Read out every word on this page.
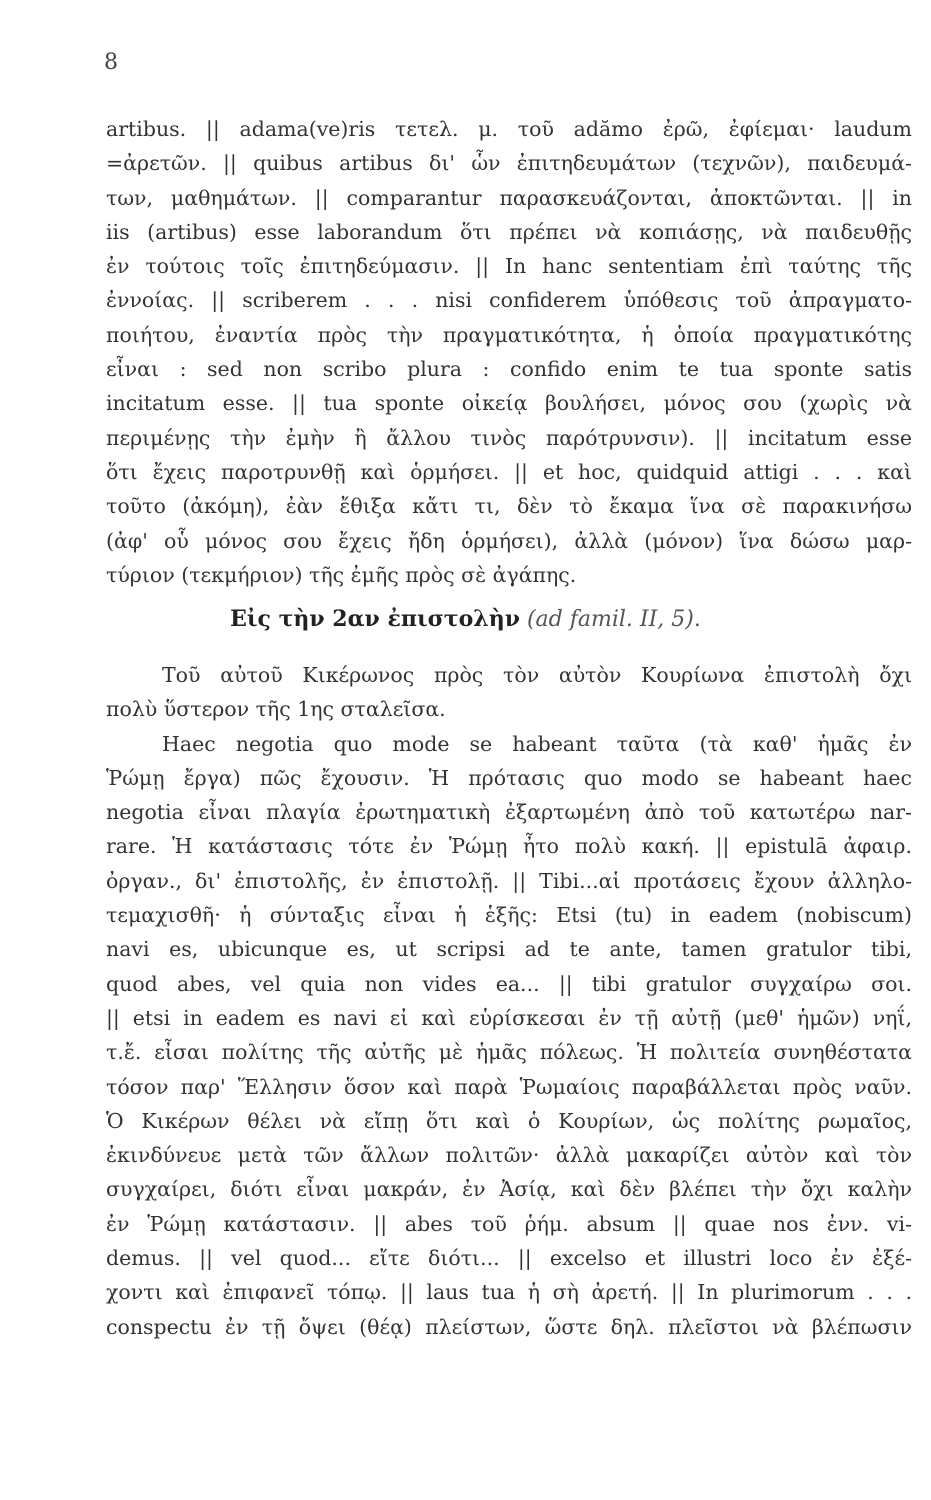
8
artibus. || adama(ve)ris τετελ. μ. τοῦ adămo ἐρῶ, ἐφίεμαι· laudum
=ἀρετῶν. || quibus artibus δι' ὧν ἐπιτηδευμάτων (τεχνῶν), παιδευμά-
των, μαθημάτων. || comparantur παρασκευάζονται, ἀποκτῶνται. || in
iis (artibus) esse laborandum ὅτι πρέπει νὰ κοπιάσῃς, νὰ παιδευθῇς
ἐν τούτοις τοῖς ἐπιτηδεύμασιν. || In hanc sententiam ἐπὶ ταύτης τῆς
ἐννοίας. || scriberem . . . nisi confiderem ὑπόθεσις τοῦ ἀπραγματο-
ποιήτου, ἐναντία πρὸς τὴν πραγματικότητα, ἡ ὁποία πραγματικότης
εἶναι : sed non scribo plura : confido enim te tua sponte satis
incitatum esse. || tua sponte οἰκείᾳ βουλήσει, μόνος σου (χωρὶς νὰ
περιμένῃς τὴν ἐμὴν ἢ ἄλλου τινὸς παρότρυνσιν). || incitatum esse
ὅτι ἔχεις παροτρυνθῇ καὶ ὁρμήσει. || et hoc, quidquid attigi . . . καὶ
τοῦτο (ἀκόμη), ἐὰν ἔθιξα κἄτι τι, δὲν τὸ ἔκαμα ἵνα σὲ παρακινήσω
(ἀφ' οὗ μόνος σου ἔχεις ἤδη ὁρμήσει), ἀλλὰ (μόνον) ἵνα δώσω μαρ-
τύριον (τεκμήριον) τῆς ἐμῆς πρὸς σὲ ἀγάπης.
Εἰς τὴν 2αν ἐπιστολὴν (ad famil. II, 5).
Τοῦ αὐτοῦ Κικέρωνος πρὸς τὸν αὐτὸν Κουρίωνα ἐπιστολὴ ὄχι
πολὺ ὕστερον τῆς 1ης σταλεῖσα.
Haec negotia quo mode se habeant ταῦτα (τὰ καθ' ἡμᾶς ἐν
Ῥώμῃ ἔργα) πῶς ἔχουσιν. Ἡ πρότασις quo modo se habeant haec
negotia εἶναι πλαγία ἐρωτηματικὴ ἐξαρτωμένη ἀπὸ τοῦ κατωτέρω nar-
rare. Ἡ κατάστασις τότε ἐν Ῥώμῃ ἦτο πολὺ κακή. || epistulā ἀφαιρ.
ὀργαν., δι' ἐπιστολῆς, ἐν ἐπιστολῇ. || Tibi...αἱ προτάσεις ἔχουν ἀλληλο-
τεμαχισθῆ· ἡ σύνταξις εἶναι ἡ ἑξῆς: Etsi (tu) in eadem (nobiscum)
navi es, ubicunque es, ut scripsi ad te ante, tamen gratulor tibi,
quod abes, vel quia non vides ea... || tibi gratulor συγχαίρω σοι.
|| etsi in eadem es navi εἰ καὶ εὑρίσκεσαι ἐν τῇ αὐτῇ (μεθ' ἡμῶν) νηΐ,
τ.ἔ. εἶσαι πολίτης τῆς αὐτῆς μὲ ἡμᾶς πόλεως. Ἡ πολιτεία συνηθέστατα
τόσον παρ' Ἕλλησιν ὅσον καὶ παρὰ Ῥωμαίοις παραβάλλεται πρὸς ναῦν.
Ὁ Κικέρων θέλει νὰ εἴπῃ ὅτι καὶ ὁ Κουρίων, ὡς πολίτης ρωμαῖος,
ἐκινδύνευε μετὰ τῶν ἄλλων πολιτῶν· ἀλλὰ μακαρίζει αὐτὸν καὶ τὸν
συγχαίρει, διότι εἶναι μακράν, ἐν Ἀσίᾳ, καὶ δὲν βλέπει τὴν ὄχι καλὴν
ἐν Ῥώμῃ κατάστασιν. || abes τοῦ ῥήμ. absum || quae nos ἐνν. vi-
demus. || vel quod... εἴτε διότι... || excelso et illustri loco ἐν ἐξέ-
χοντι καὶ ἐπιφανεῖ τόπῳ. || laus tua ἡ σὴ ἀρετή. || In plurimorum . . .
conspectu ἐν τῇ ὄψει (θέᾳ) πλείστων, ὥστε δηλ. πλεῖστοι νὰ βλέπωσιν
